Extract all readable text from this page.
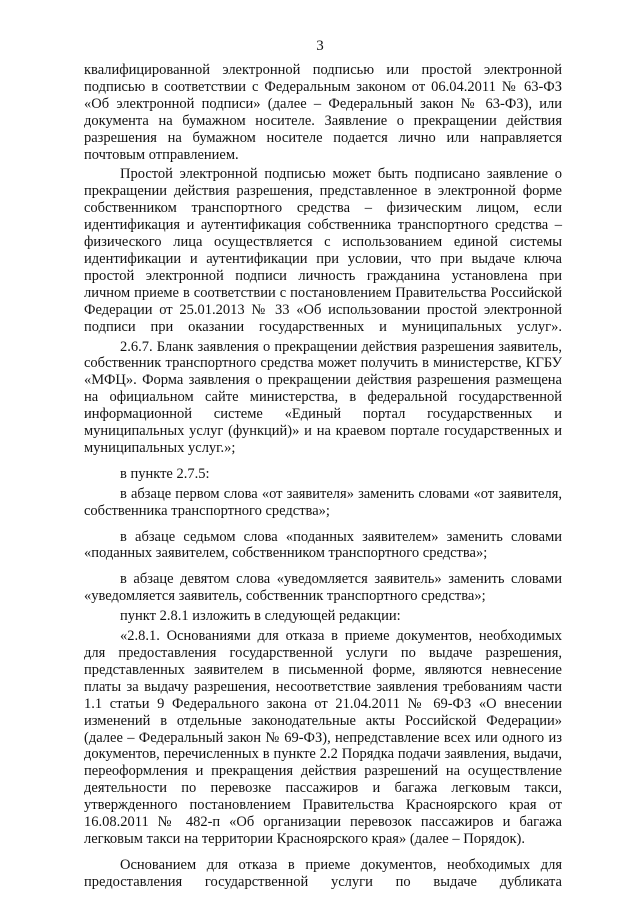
3

квалифицированной электронной подписью или простой электронной подписью в соответствии с Федеральным законом от 06.04.2011 № 63-ФЗ «Об электронной подписи» (далее – Федеральный закон № 63-ФЗ), или документа на бумажном носителе. Заявление о прекращении действия разрешения на бумажном носителе подается лично или направляется почтовым отправлением.

Простой электронной подписью может быть подписано заявление о прекращении действия разрешения, представленное в электронной форме собственником транспортного средства – физическим лицом, если идентификация и аутентификация собственника транспортного средства – физического лица осуществляется с использованием единой системы идентификации и аутентификации при условии, что при выдаче ключа простой электронной подписи личность гражданина установлена при личном приеме в соответствии с постановлением Правительства Российской Федерации от 25.01.2013 № 33 «Об использовании простой электронной подписи при оказании государственных и муниципальных услуг».

2.6.7. Бланк заявления о прекращении действия разрешения заявитель, собственник транспортного средства может получить в министерстве, КГБУ «МФЦ». Форма заявления о прекращении действия разрешения размещена на официальном сайте министерства, в федеральной государственной информационной системе «Единый портал государственных и муниципальных услуг (функций)» и на краевом портале государственных и муниципальных услуг.»;

в пункте 2.7.5:

в абзаце первом слова «от заявителя» заменить словами «от заявителя, собственника транспортного средства»;

в абзаце седьмом слова «поданных заявителем» заменить словами «поданных заявителем, собственником транспортного средства»;

в абзаце девятом слова «уведомляется заявитель» заменить словами «уведомляется заявитель, собственник транспортного средства»;

пункт 2.8.1 изложить в следующей редакции:

«2.8.1. Основаниями для отказа в приеме документов, необходимых для предоставления государственной услуги по выдаче разрешения, представленных заявителем в письменной форме, являются невнесение платы за выдачу разрешения, несоответствие заявления требованиям части 1.1 статьи 9 Федерального закона от 21.04.2011 № 69-ФЗ «О внесении изменений в отдельные законодательные акты Российской Федерации» (далее – Федеральный закон № 69-ФЗ), непредставление всех или одного из документов, перечисленных в пункте 2.2 Порядка подачи заявления, выдачи, переоформления и прекращения действия разрешений на осуществление деятельности по перевозке пассажиров и багажа легковым такси, утвержденного постановлением Правительства Красноярского края от 16.08.2011 № 482-п «Об организации перевозок пассажиров и багажа легковым такси на территории Красноярского края» (далее – Порядок).

Основанием для отказа в приеме документов, необходимых для предоставления государственной услуги по выдаче дубликата
